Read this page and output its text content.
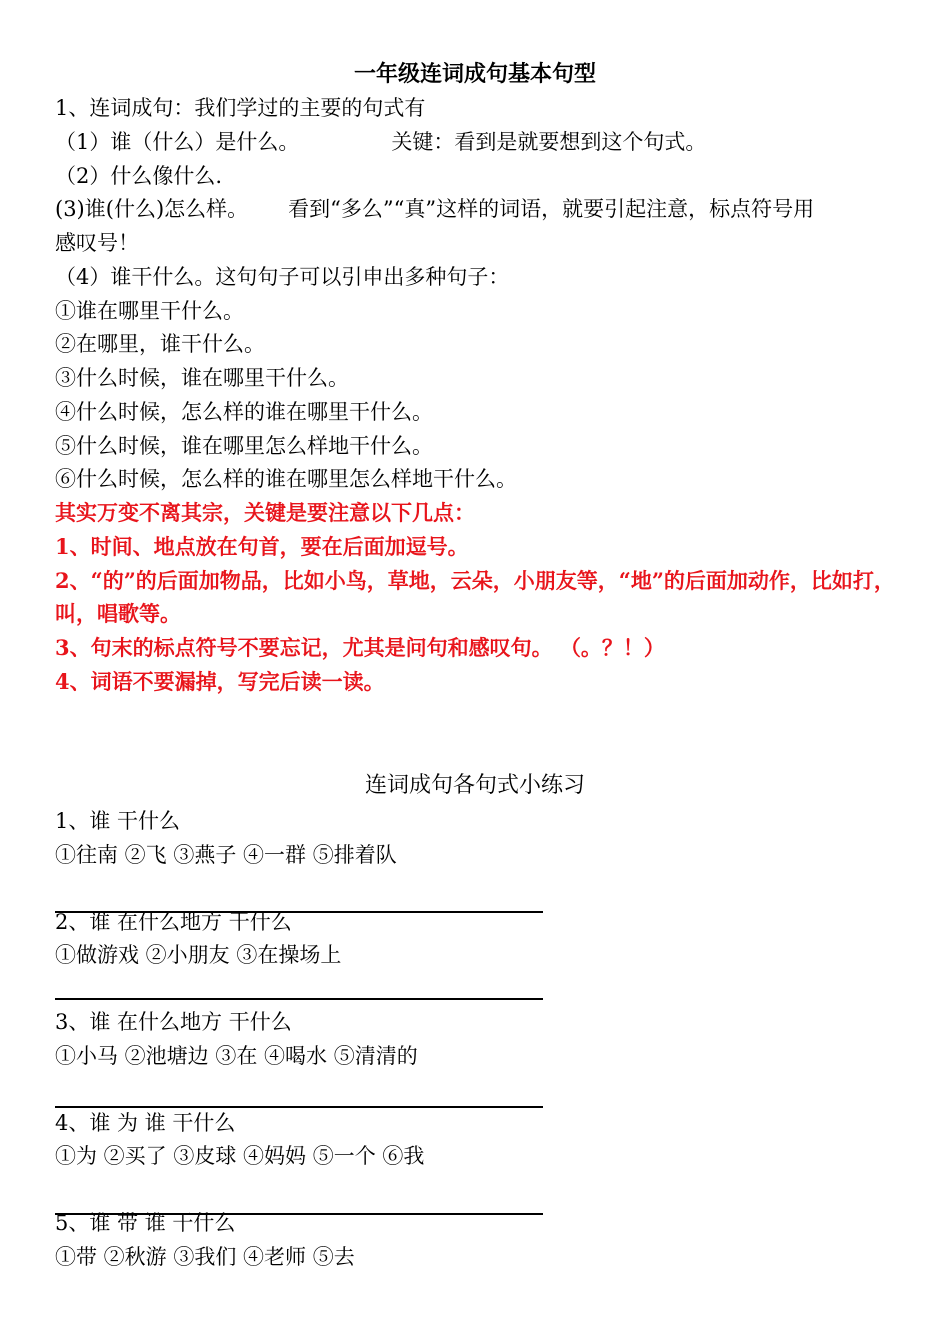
一年级连词成句基本句型
1、连词成句：我们学过的主要的句式有
（1）谁（什么）是什么。	关键：看到是就要想到这个句式。
（2）什么像什么.
(3)谁(什么)怎么样。 看到“多么”“真”这样的词语，就要引起注意，标点符号用
感叹号！
（4）谁干什么。这句句子可以引申出多种句子：
①谁在哪里干什么。
②在哪里，谁干什么。
③什么时候，谁在哪里干什么。
④什么时候，怎么样的谁在哪里干什么。
⑤什么时候，谁在哪里怎么样地干什么。
⑥什么时候，怎么样的谁在哪里怎么样地干什么。
其实万变不离其宗，关键是要注意以下几点：
1、时间、地点放在句首，要在后面加逗号。
2、“的”的后面加物品，比如小鸟，草地，云朵，小朋友等，“地”的后面加动作，比如打，
叫，唱歌等。
3、句末的标点符号不要忘记，尤其是问句和感叹句。 （。？！）
4、词语不要漏掉，写完后读一读。
连词成句各句式小练习
1、谁 干什么
①往南 ②飞 ③燕子 ④一群 ⑤排着队
2、谁 在什么地方 干什么
①做游戏 ②小朋友 ③在操场上
3、谁 在什么地方 干什么
①小马 ②池塘边 ③在 ④喝水 ⑤清清的
4、谁 为 谁 干什么
①为 ②买了 ③皮球 ④妈妈 ⑤一个 ⑥我
5、谁 带 谁 干什么
①带 ②秋游 ③我们 ④老师 ⑤去
